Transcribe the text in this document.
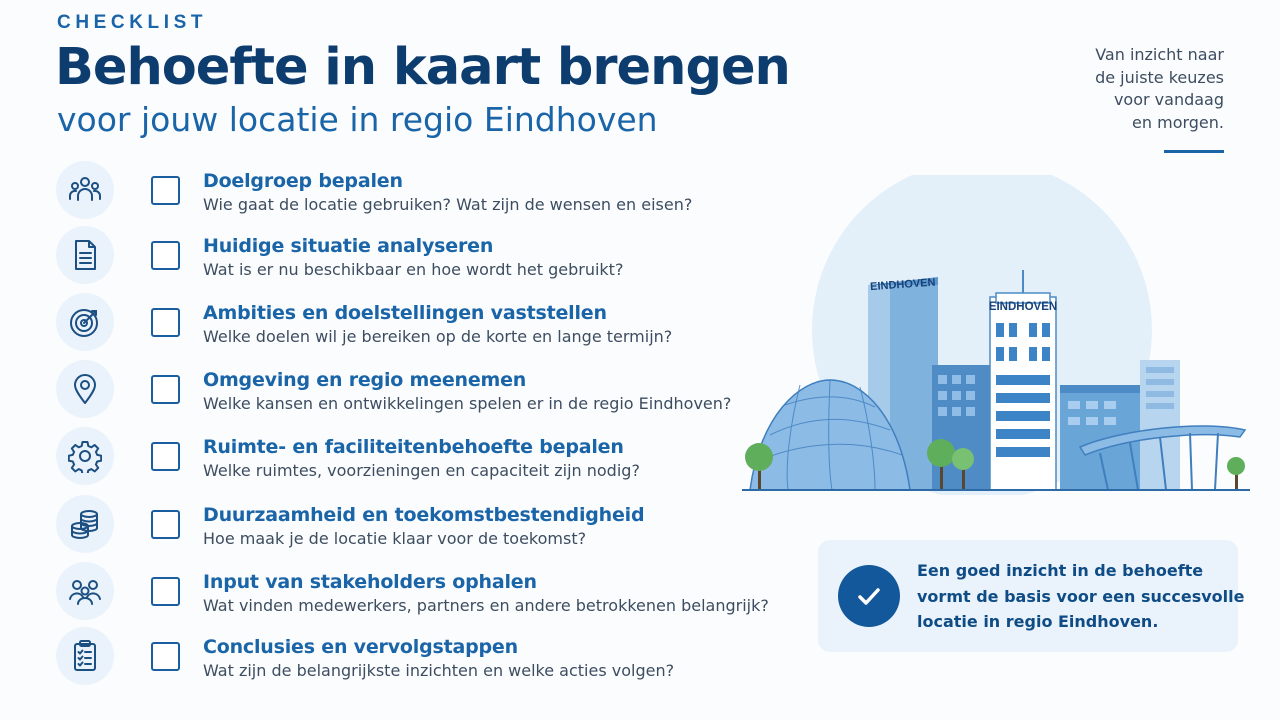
CHECKLIST
Behoefte in kaart brengen
voor jouw locatie in regio Eindhoven
Van inzicht naar
de juiste keuzes
voor vandaag
en morgen.
Doelgroep bepalen
Wie gaat de locatie gebruiken? Wat zijn de wensen en eisen?
Huidige situatie analyseren
Wat is er nu beschikbaar en hoe wordt het gebruikt?
Ambities en doelstellingen vaststellen
Welke doelen wil je bereiken op de korte en lange termijn?
Omgeving en regio meenemen
Welke kansen en ontwikkelingen spelen er in de regio Eindhoven?
Ruimte- en faciliteitenbehoefte bepalen
Welke ruimtes, voorzieningen en capaciteit zijn nodig?
Duurzaamheid en toekomstbestendigheid
Hoe maak je de locatie klaar voor de toekomst?
Input van stakeholders ophalen
Wat vinden medewerkers, partners en andere betrokkenen belangrijk?
Conclusies en vervolgstappen
Wat zijn de belangrijkste inzichten en welke acties volgen?
EINDHOVEN
EINDHOVEN
Een goed inzicht in de behoefte
vormt de basis voor een succesvolle
locatie in regio Eindhoven.
